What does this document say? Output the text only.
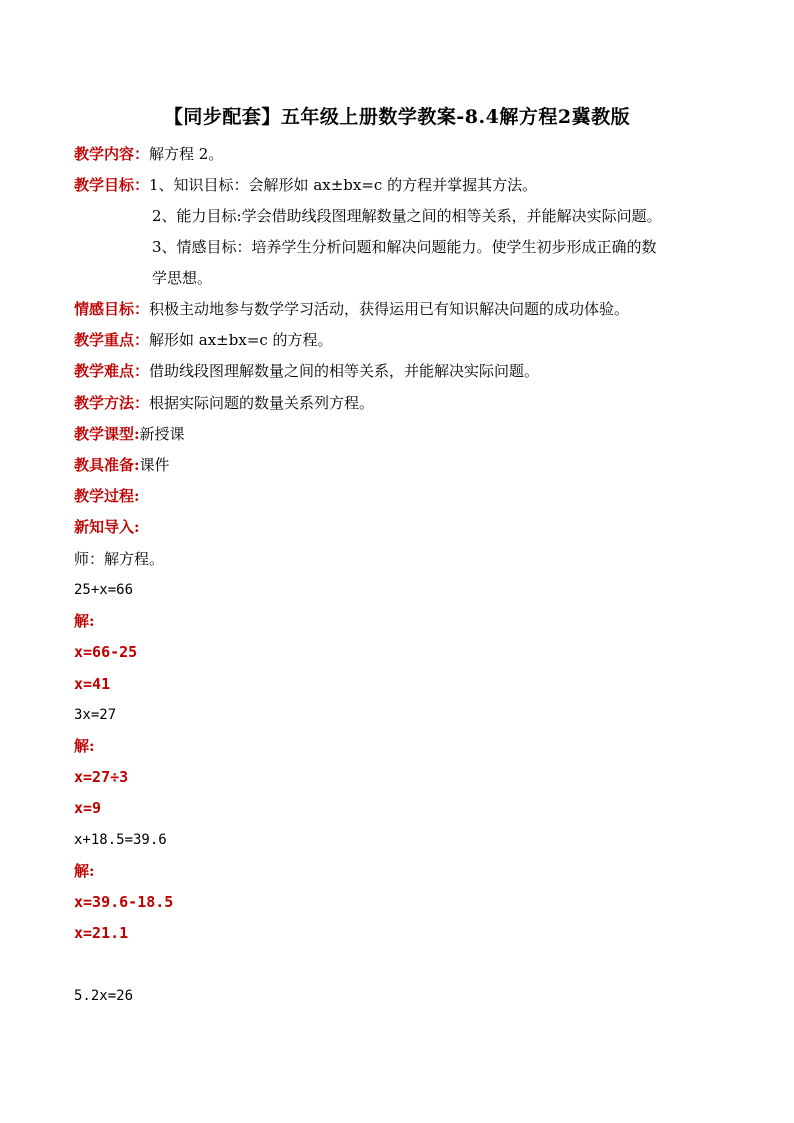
【同步配套】五年级上册数学教案-8.4解方程2冀教版
教学内容：解方程 2。
教学目标：1、知识目标：会解形如 ax±bx=c 的方程并掌握其方法。
2、能力目标:学会借助线段图理解数量之间的相等关系，并能解决实际问题。
3、情感目标：培养学生分析问题和解决问题能力。使学生初步形成正确的数
学思想。
情感目标：积极主动地参与数学学习活动，获得运用已有知识解决问题的成功体验。
教学重点：解形如 ax±bx=c 的方程。
教学难点：借助线段图理解数量之间的相等关系，并能解决实际问题。
教学方法：根据实际问题的数量关系列方程。
教学课型:新授课
教具准备:课件
教学过程:
新知导入:
师：解方程。
25+x=66
解:
x=66-25
x=41
3x=27
解:
x=27÷3
x=9
x+18.5=39.6
解:
x=39.6-18.5
x=21.1
5.2x=26
